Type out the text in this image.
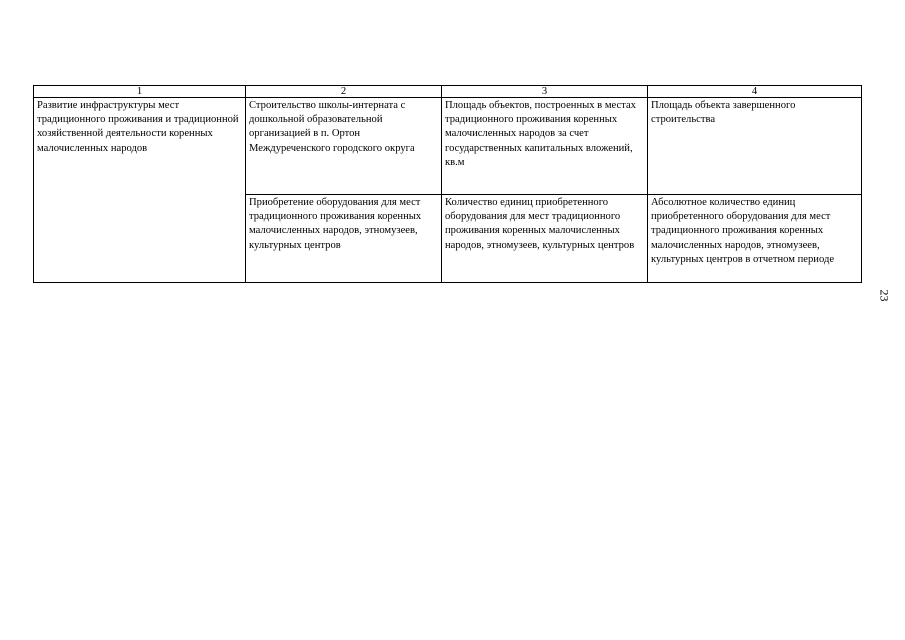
1	2	3	4

Развитие инфраструктуры мест традиционного проживания и традиционной хозяйственной деятельности коренных малочисленных народов	Строительство школы-интерната с дошкольной образовательной организацией в п. Ортон Междуреченского городского округа	Площадь объектов, построенных в местах традиционного проживания коренных малочисленных народов за счет государственных капитальных вложений, кв.м	Площадь объекта завершенного строительства

	Приобретение оборудования для мест традиционного проживания коренных малочисленных народов, этномузеев, культурных центров	Количество единиц приобретенного оборудования для мест традиционного проживания коренных малочисленных народов, этномузеев, культурных центров	Абсолютное количество единиц приобретенного оборудования для мест традиционного проживания коренных малочисленных народов, этномузеев, культурных центров в отчетном периоде
23
